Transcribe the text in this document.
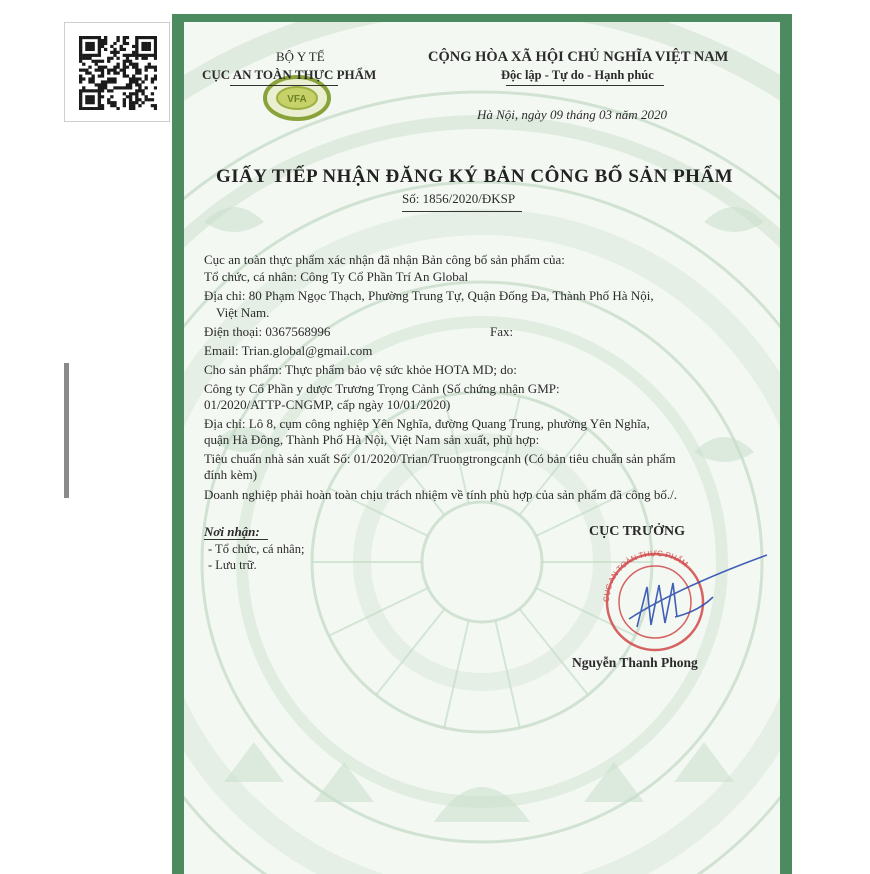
VFA
BỘ Y TẾ
CỤC AN TOÀN THỰC PHẨM
CỘNG HÒA XÃ HỘI CHỦ NGHĨA VIỆT NAM
Độc lập - Tự do - Hạnh phúc
Hà Nội, ngày 09 tháng 03 năm 2020
GIẤY TIẾP NHẬN ĐĂNG KÝ BẢN CÔNG BỐ SẢN PHẨM
Số: 1856/2020/ĐKSP
Cục an toàn thực phẩm xác nhận đã nhận Bản công bố sản phẩm của:
Tổ chức, cá nhân: Công Ty Cổ Phần Trí An Global
Địa chỉ: 80 Phạm Ngọc Thạch, Phường Trung Tự, Quận Đống Đa, Thành Phố Hà Nội,
Việt Nam.
Điện thoại: 0367568996	Fax:
Email: Trian.global@gmail.com
Cho sản phẩm: Thực phẩm bảo vệ sức khỏe HOTA MD; do:
Công ty Cổ Phần y dược Trương Trọng Cảnh (Số chứng nhận GMP:
01/2020/ATTP-CNGMP, cấp ngày 10/01/2020)
Địa chỉ: Lô 8, cụm công nghiệp Yên Nghĩa, đường Quang Trung, phường Yên Nghĩa,
quận Hà Đông, Thành Phố Hà Nội, Việt Nam sản xuất, phù hợp:
Tiêu chuẩn nhà sản xuất Số: 01/2020/Trian/Truongtrongcanh (Có bản tiêu chuẩn sản phẩm
đính kèm)
Doanh nghiệp phải hoàn toàn chịu trách nhiệm về tính phù hợp của sản phẩm đã công bố./.
Nơi nhận:
- Tổ chức, cá nhân;
- Lưu trữ.
CỤC TRƯỞNG
CỤC AN TOÀN THỰC PHẨM
Nguyễn Thanh Phong
